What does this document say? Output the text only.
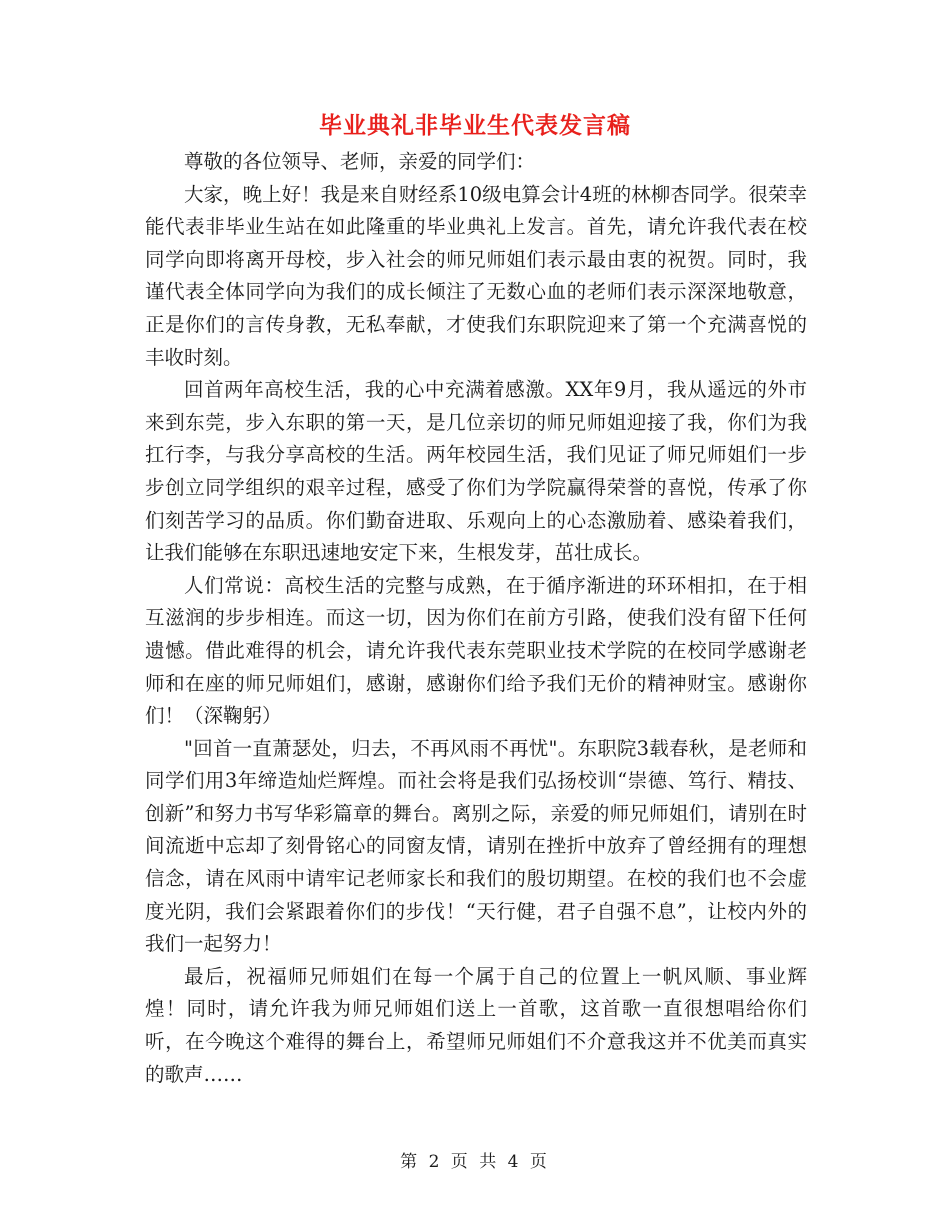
毕业典礼非毕业生代表发言稿

尊敬的各位领导、老师，亲爱的同学们：

大家，晚上好！我是来自财经系10级电算会计4班的林柳杏同学。很荣幸能代表非毕业生站在如此隆重的毕业典礼上发言。首先，请允许我代表在校同学向即将离开母校，步入社会的师兄师姐们表示最由衷的祝贺。同时，我谨代表全体同学向为我们的成长倾注了无数心血的老师们表示深深地敬意，正是你们的言传身教，无私奉献，才使我们东职院迎来了第一个充满喜悦的丰收时刻。

回首两年高校生活，我的心中充满着感激。XX年9月，我从遥远的外市来到东莞，步入东职的第一天，是几位亲切的师兄师姐迎接了我，你们为我扛行李，与我分享高校的生活。两年校园生活，我们见证了师兄师姐们一步步创立同学组织的艰辛过程，感受了你们为学院赢得荣誉的喜悦，传承了你们刻苦学习的品质。你们勤奋进取、乐观向上的心态激励着、感染着我们，让我们能够在东职迅速地安定下来，生根发芽，茁壮成长。

人们常说：高校生活的完整与成熟，在于循序渐进的环环相扣，在于相互滋润的步步相连。而这一切，因为你们在前方引路，使我们没有留下任何遗憾。借此难得的机会，请允许我代表东莞职业技术学院的在校同学感谢老师和在座的师兄师姐们，感谢，感谢你们给予我们无价的精神财宝。感谢你们！（深鞠躬）

"回首一直萧瑟处，归去，不再风雨不再忧"。东职院3载春秋，是老师和同学们用3年缔造灿烂辉煌。而社会将是我们弘扬校训“崇德、笃行、精技、创新”和努力书写华彩篇章的舞台。离别之际，亲爱的师兄师姐们，请别在时间流逝中忘却了刻骨铭心的同窗友情，请别在挫折中放弃了曾经拥有的理想信念，请在风雨中请牢记老师家长和我们的殷切期望。在校的我们也不会虚度光阴，我们会紧跟着你们的步伐！“天行健，君子自强不息”，让校内外的我们一起努力！

最后，祝福师兄师姐们在每一个属于自己的位置上一帆风顺、事业辉煌！同时，请允许我为师兄师姐们送上一首歌，这首歌一直很想唱给你们听，在今晚这个难得的舞台上，希望师兄师姐们不介意我这并不优美而真实的歌声……

第 2 页 共 4 页
